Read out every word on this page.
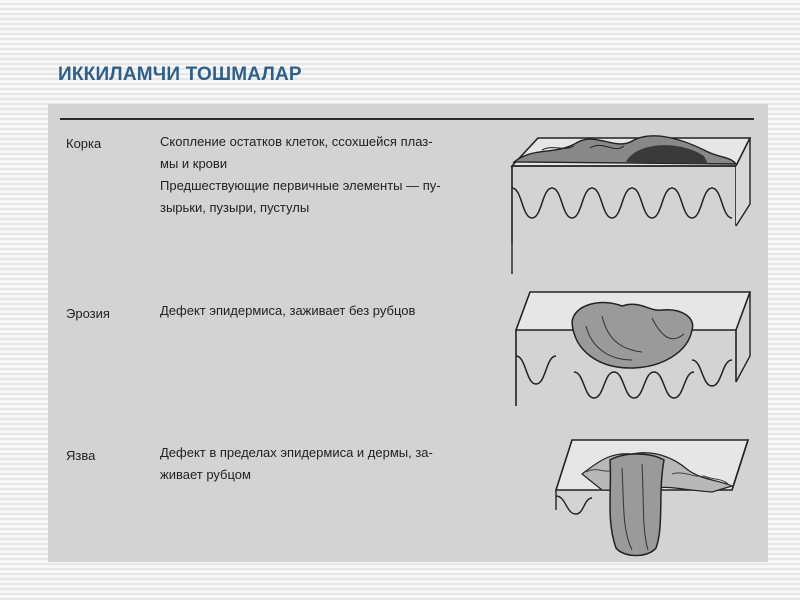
ИККИЛАМЧИ ТОШМАЛАР
Корка	Скопление остатков клеток, ссохшейся плаз-
мы и крови
Предшествующие первичные элементы — пу-
зырьки, пузыри, пустулы
Эрозия	Дефект эпидермиса, заживает без рубцов
Язва	Дефект в пределах эпидермиса и дермы, за-
живает рубцом
